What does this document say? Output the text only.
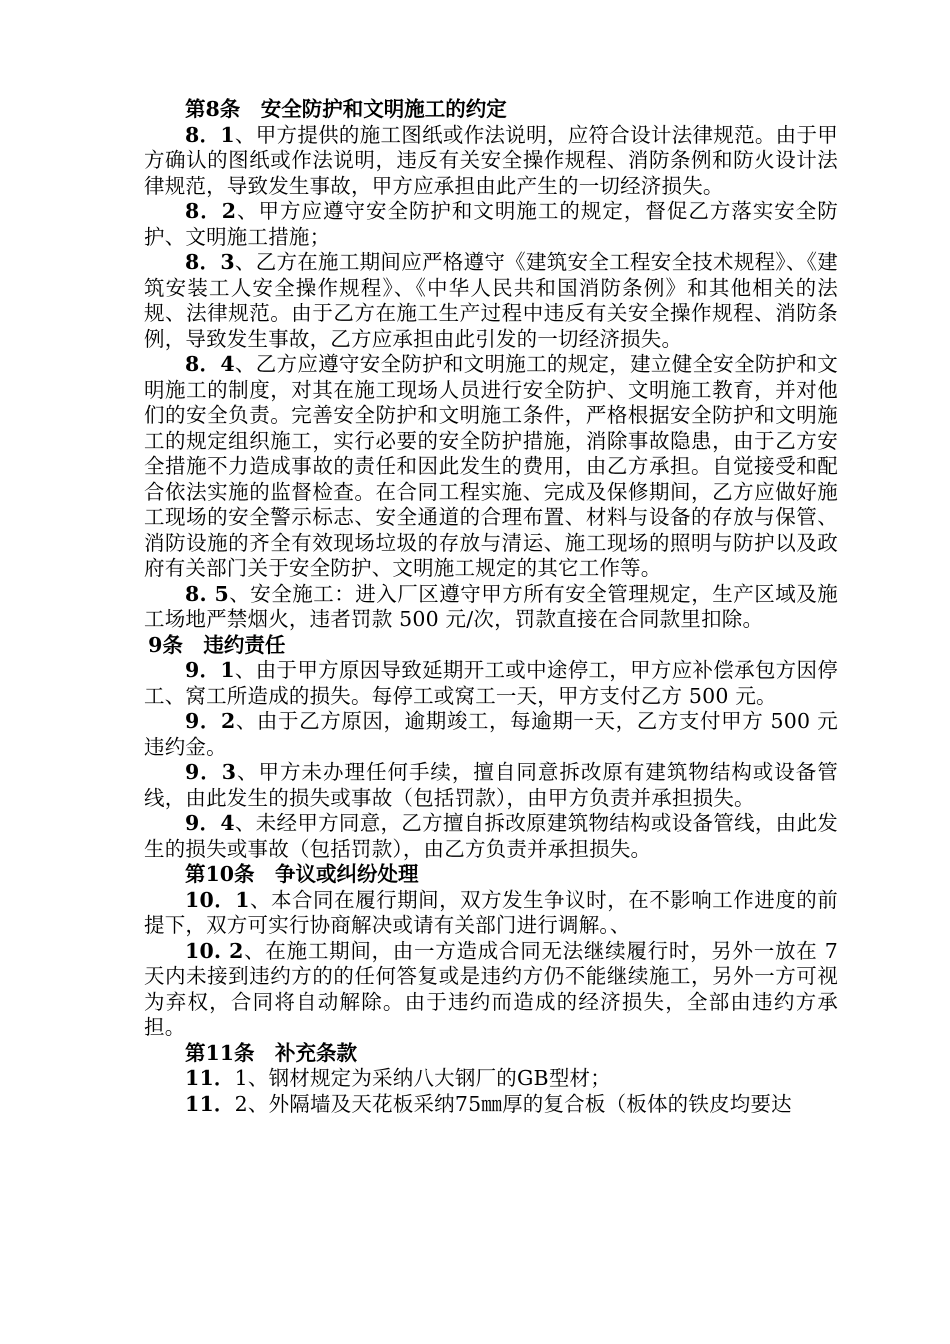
第8条 安全防护和文明施工的约定

8．1、甲方提供的施工图纸或作法说明，应符合设计法律规范。由于甲方确认的图纸或作法说明，违反有关安全操作规程、消防条例和防火设计法律规范，导致发生事故，甲方应承担由此产生的一切经济损失。

8．2、甲方应遵守安全防护和文明施工的规定，督促乙方落实安全防护、文明施工措施；

8．3、乙方在施工期间应严格遵守《建筑安全工程安全技术规程》、《建筑安装工人安全操作规程》、《中华人民共和国消防条例》和其他相关的法规、法律规范。由于乙方在施工生产过程中违反有关安全操作规程、消防条例，导致发生事故，乙方应承担由此引发的一切经济损失。

8．4、乙方应遵守安全防护和文明施工的规定，建立健全安全防护和文明施工的制度，对其在施工现场人员进行安全防护、文明施工教育，并对他们的安全负责。完善安全防护和文明施工条件，严格根据安全防护和文明施工的规定组织施工，实行必要的安全防护措施，消除事故隐患，由于乙方安全措施不力造成事故的责任和因此发生的费用，由乙方承担。自觉接受和配合依法实施的监督检查。在合同工程实施、完成及保修期间，乙方应做好施工现场的安全警示标志、安全通道的合理布置、材料与设备的存放与保管、消防设施的齐全有效现场垃圾的存放与清运、施工现场的照明与防护以及政府有关部门关于安全防护、文明施工规定的其它工作等。

8. 5、安全施工：进入厂区遵守甲方所有安全管理规定，生产区域及施工场地严禁烟火，违者罚款 500 元/次，罚款直接在合同款里扣除。

9条 违约责任

9．1、由于甲方原因导致延期开工或中途停工，甲方应补偿承包方因停工、窝工所造成的损失。每停工或窝工一天，甲方支付乙方 500 元。

9．2、由于乙方原因，逾期竣工，每逾期一天，乙方支付甲方 500 元违约金。

9．3、甲方未办理任何手续，擅自同意拆改原有建筑物结构或设备管线，由此发生的损失或事故（包括罚款），由甲方负责并承担损失。

9．4、未经甲方同意，乙方擅自拆改原建筑物结构或设备管线，由此发生的损失或事故（包括罚款），由乙方负责并承担损失。

第10条 争议或纠纷处理

10．1、本合同在履行期间，双方发生争议时，在不影响工作进度的前提下，双方可实行协商解决或请有关部门进行调解。、

10. 2、在施工期间，由一方造成合同无法继续履行时，另外一放在 7 天内未接到违约方的的任何答复或是违约方仍不能继续施工，另外一方可视为弃权，合同将自动解除。由于违约而造成的经济损失，全部由违约方承担。

第11条 补充条款

11．1、钢材规定为采纳八大钢厂的GB型材；

11．2、外隔墙及天花板采纳75㎜厚的复合板（板体的铁皮均要达
